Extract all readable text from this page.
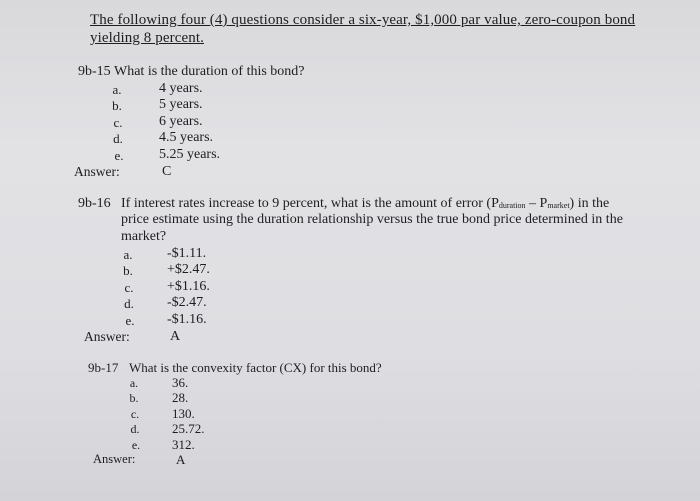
The following four (4) questions consider a six-year, $1,000 par value, zero-coupon bond
yielding 8 percent.
9b-15 What is the duration of this bond?
a.	4 years.
b.	5 years.
c.	6 years.
d.	4.5 years.
e.	5.25 years.
Answer:	C
9b-16 If interest rates increase to 9 percent, what is the amount of error (Pduration – Pmarket) in the
price estimate using the duration relationship versus the true bond price determined in the
market?
a.	-$1.11.
b.	+$2.47.
c.	+$1.16.
d.	-$2.47.
e.	-$1.16.
Answer:	A
9b-17 What is the convexity factor (CX) for this bond?
a.	36.
b.	28.
c.	130.
d.	25.72.
e.	312.
Answer:	A
